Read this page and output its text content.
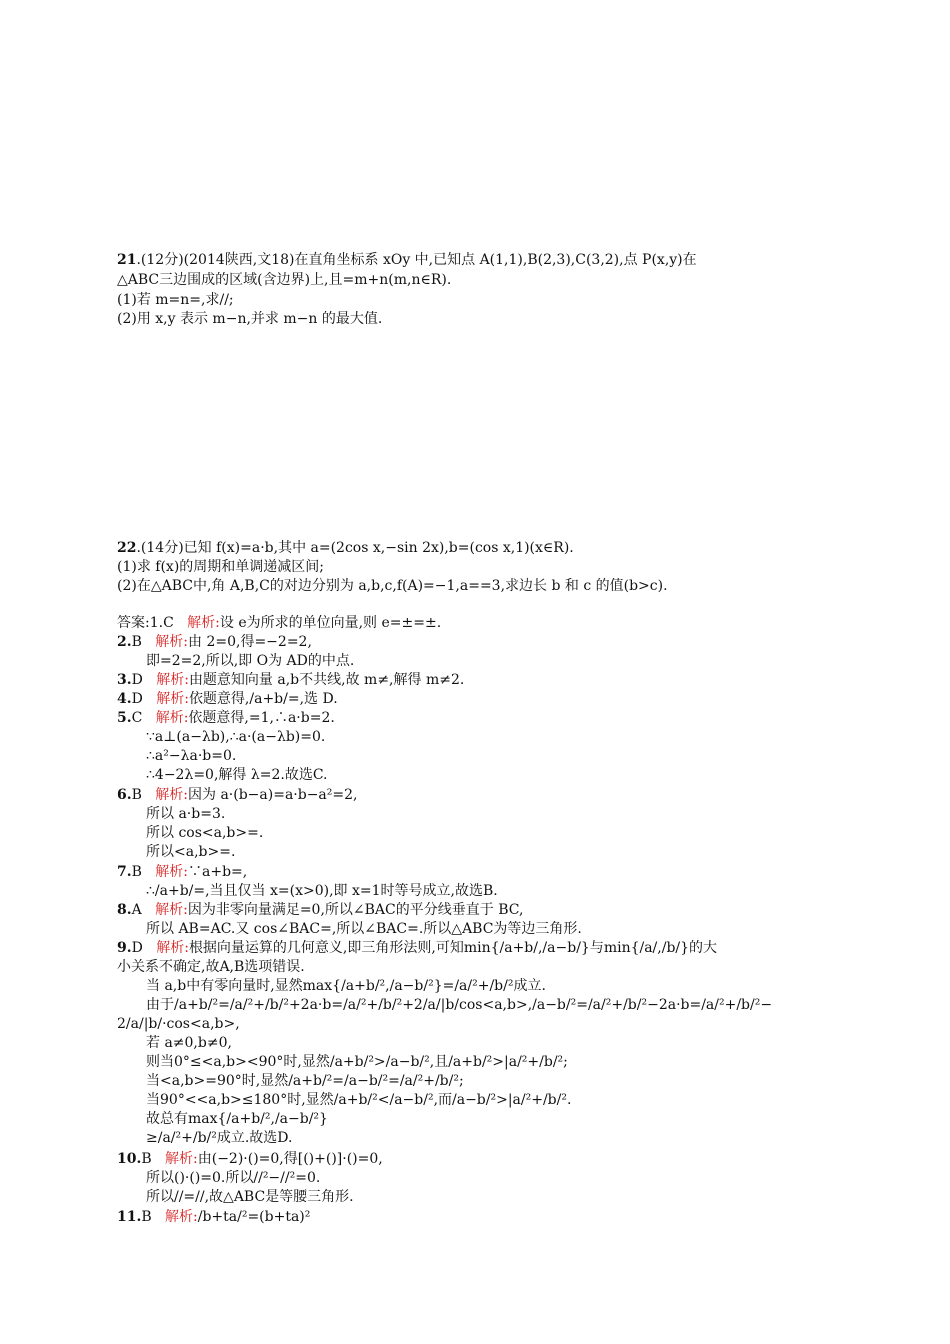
21.(12分)(2014陕西,文18)在直角坐标系 xOy 中,已知点 A(1,1),B(2,3),C(3,2),点 P(x,y)在
△ABC三边围成的区域(含边界)上,且=m+n(m,n∈R).
(1)若 m=n=,求//;
(2)用 x,y 表示 m−n,并求 m−n 的最大值.
22.(14分)已知 f(x)=a·b,其中 a=(2cos x,−sin 2x),b=(cos x,1)(x∈R).
(1)求 f(x)的周期和单调递减区间;
(2)在△ABC中,角 A,B,C的对边分别为 a,b,c,f(A)=−1,a==3,求边长 b 和 c 的值(b>c).
答案:1.C 解析:设 e为所求的单位向量,则 e=±=±.
2.B 解析:由 2=0,得=−2=2,
即=2=2,所以,即 O为 AD的中点.
3.D 解析:由题意知向量 a,b不共线,故 m≠,解得 m≠2.
4.D 解析:依题意得,/a+b/=,选 D.
5.C 解析:依题意得,=1,∴a·b=2.
∵a⊥(a−λb),∴a·(a−λb)=0.
∴a²−λa·b=0.
∴4−2λ=0,解得 λ=2.故选C.
6.B 解析:因为 a·(b−a)=a·b−a²=2,
所以 a·b=3.
所以 cos<a,b>=.
所以<a,b>=.
7.B 解析:∵a+b=,
∴/a+b/=,当且仅当 x=(x>0),即 x=1时等号成立,故选B.
8.A 解析:因为非零向量满足=0,所以∠BAC的平分线垂直于 BC,
所以 AB=AC.又 cos∠BAC=,所以∠BAC=.所以△ABC为等边三角形.
9.D 解析:根据向量运算的几何意义,即三角形法则,可知min{/a+b/,/a−b/}与min{/a/,/b/}的大
小关系不确定,故A,B选项错误.
当 a,b中有零向量时,显然max{/a+b/²,/a−b/²}=/a/²+/b/²成立.
由于/a+b/²=/a/²+/b/²+2a·b=/a/²+/b/²+2/a/|b/cos<a,b>,/a−b/²=/a/²+/b/²−2a·b=/a/²+/b/²−
2/a/|b/·cos<a,b>,
若 a≠0,b≠0,
则当0°≤<a,b><90°时,显然/a+b/²>/a−b/²,且/a+b/²>|a/²+/b/²;
当<a,b>=90°时,显然/a+b/²=/a−b/²=/a/²+/b/²;
当90°<<a,b>≤180°时,显然/a+b/²</a−b/²,而/a−b/²>|a/²+/b/².
故总有max{/a+b/²,/a−b/²}
≥/a/²+/b/²成立.故选D.
10.B 解析:由(−2)·()=0,得[()+()]·()=0,
所以()·()=0.所以//²−//²=0.
所以//=//,故△ABC是等腰三角形.
11.B 解析:/b+ta/²=(b+ta)²
